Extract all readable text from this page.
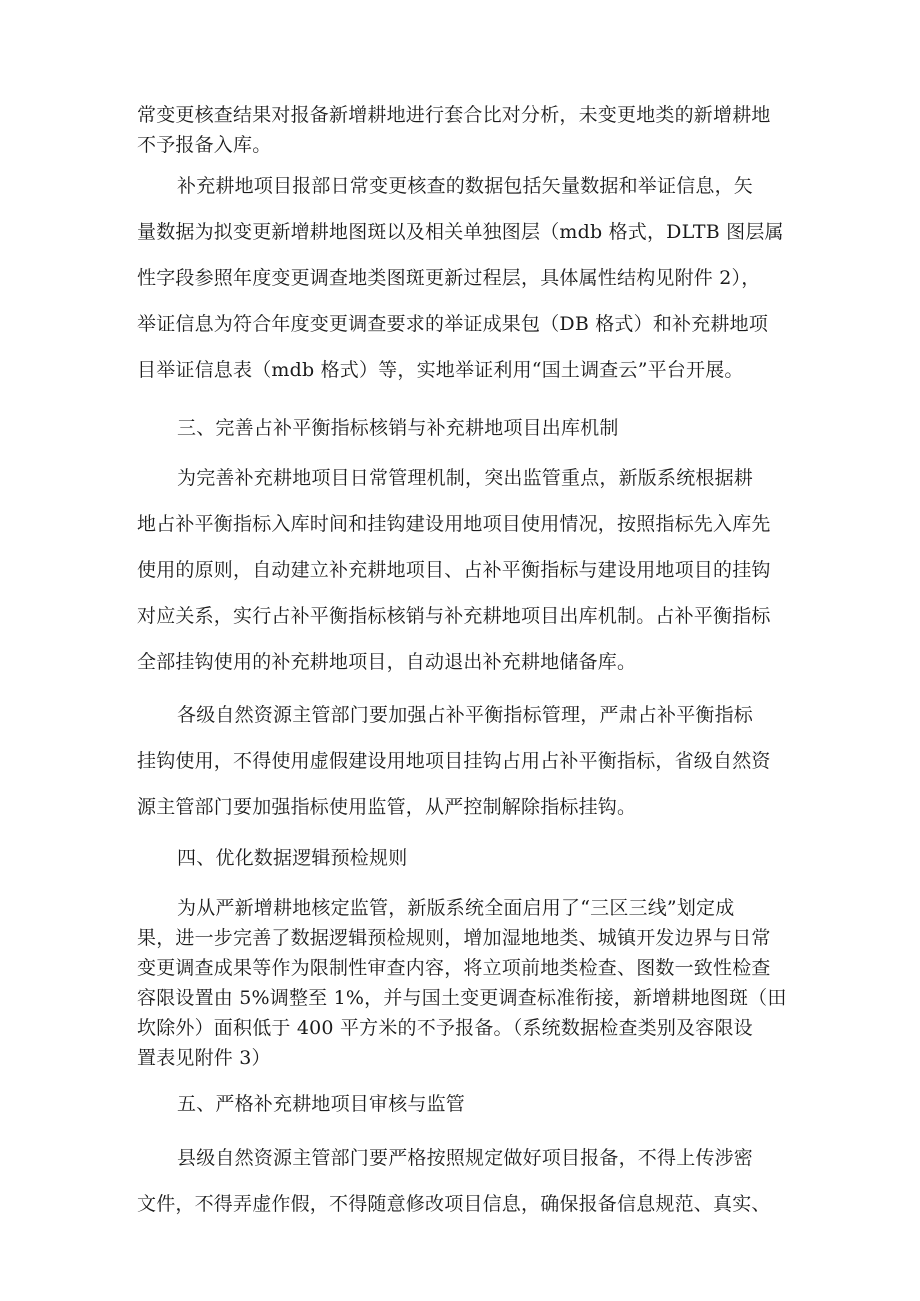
常变更核查结果对报备新增耕地进行套合比对分析，未变更地类的新增耕地
不予报备入库。
补充耕地项目报部日常变更核查的数据包括矢量数据和举证信息，矢
量数据为拟变更新增耕地图斑以及相关单独图层（mdb 格式，DLTB 图层属
性字段参照年度变更调查地类图斑更新过程层，具体属性结构见附件 2），
举证信息为符合年度变更调查要求的举证成果包（DB 格式）和补充耕地项
目举证信息表（mdb 格式）等，实地举证利用“国土调查云”平台开展。
三、完善占补平衡指标核销与补充耕地项目出库机制
为完善补充耕地项目日常管理机制，突出监管重点，新版系统根据耕
地占补平衡指标入库时间和挂钩建设用地项目使用情况，按照指标先入库先
使用的原则，自动建立补充耕地项目、占补平衡指标与建设用地项目的挂钩
对应关系，实行占补平衡指标核销与补充耕地项目出库机制。占补平衡指标
全部挂钩使用的补充耕地项目，自动退出补充耕地储备库。
各级自然资源主管部门要加强占补平衡指标管理，严肃占补平衡指标
挂钩使用，不得使用虚假建设用地项目挂钩占用占补平衡指标，省级自然资
源主管部门要加强指标使用监管，从严控制解除指标挂钩。
四、优化数据逻辑预检规则
为从严新增耕地核定监管，新版系统全面启用了“三区三线”划定成
果，进一步完善了数据逻辑预检规则，增加湿地地类、城镇开发边界与日常
变更调查成果等作为限制性审查内容，将立项前地类检查、图数一致性检查
容限设置由 5%调整至 1%，并与国土变更调查标准衔接，新增耕地图斑（田
坎除外）面积低于 400 平方米的不予报备。（系统数据检查类别及容限设
置表见附件 3）
五、严格补充耕地项目审核与监管
县级自然资源主管部门要严格按照规定做好项目报备，不得上传涉密
文件，不得弄虚作假，不得随意修改项目信息，确保报备信息规范、真实、
